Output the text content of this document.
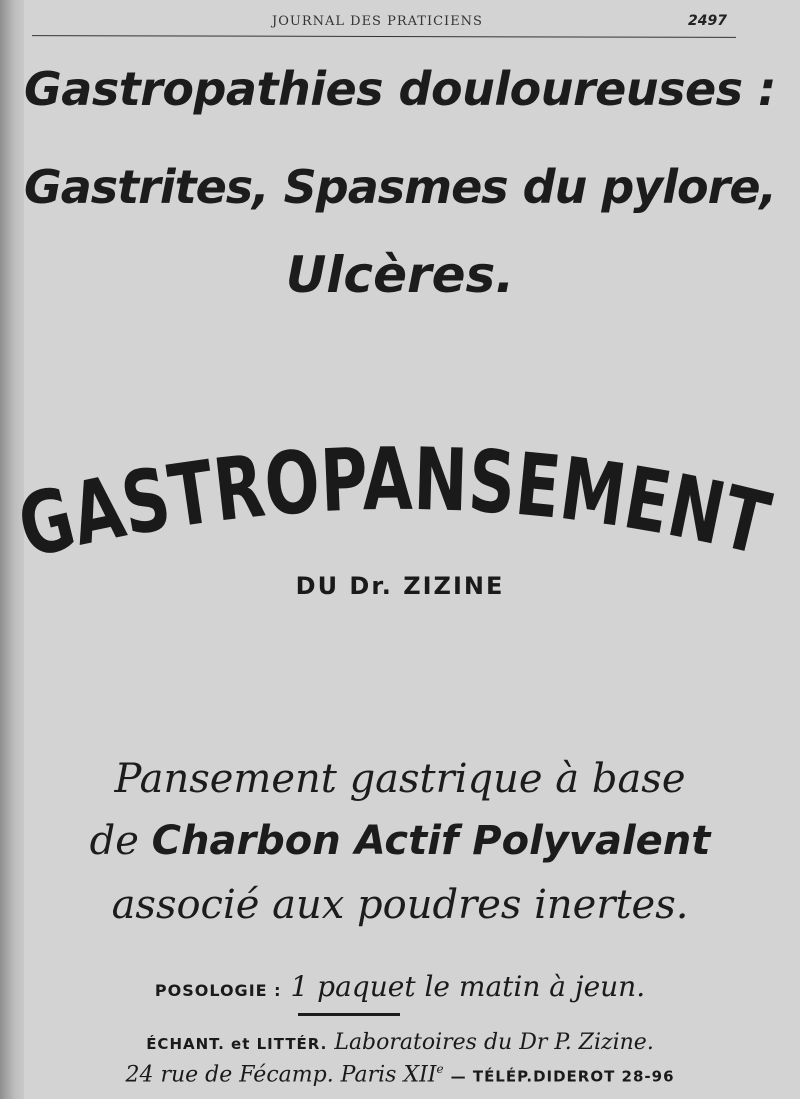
JOURNAL DES PRATICIENS	2497
Gastropathies douloureuses :
Gastrites, Spasmes du pylore,
Ulcères.
GASTROPANSEMENT
DU Dr. ZIZINE
Pansement gastrique à base
de Charbon Actif Polyvalent
associé aux poudres inertes.
POSOLOGIE : 1 paquet le matin à jeun.
ÉCHANT. et LITTÉR. Laboratoires du Dr P. Zizine.
24 rue de Fécamp. Paris XIIe — TÉLÉP.DIDEROT 28-96
